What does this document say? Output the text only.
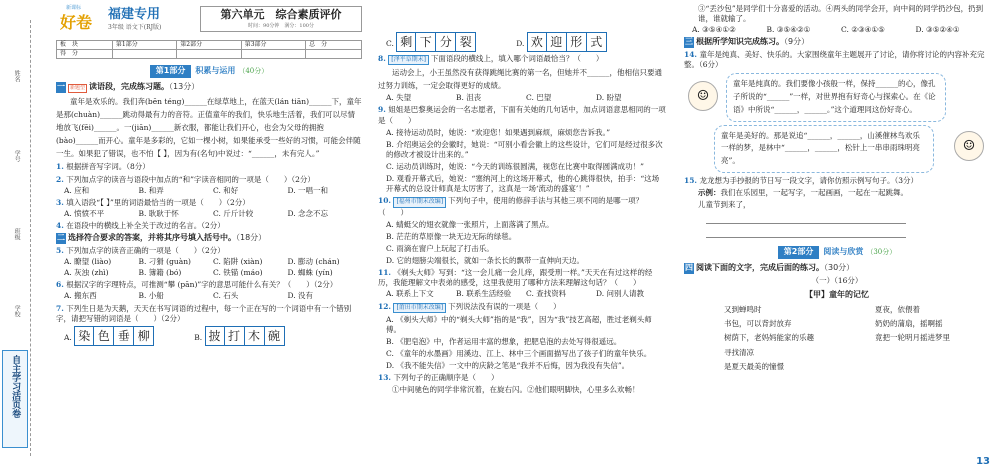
姓名
学号
班级
学校
自主学习活页卷
新课标
好卷 福建专用
3年级 语文下(RJ版)
第六单元　综合素质评价
时间：90分钟　满分：100分
板　块	第1部分	第2部分	第3部分	总　分
得　分				
第1部分 积累与运用 （40分）
一 新题型 读语段，完成练习题。（13分）
童年是欢乐的。我们奔(bēn téng)______在绿草地上，在蓝天(lán tiān)______下，童年是那(chuàn)______跳动得最有力的音符。正值童年的我们，快乐地生活着，我们可以尽情地放飞(fēi)______。一(jiān)______新衣服，都能让我们开心，也会为父母的拥抱(bào)______而开心。童年是多彩的，它如一棵小树，如果能承受一些好的习惯，可能会伴随一生。如果犯了错误，也不怕【 】，因为有(名句)中说过：“______，未有完人。”
1. 根据拼音写字词。（8分）
2. 下列加点字的读音与语段中加点的“和”字读音相同的一项是（　　）（2分）
A. 应和	B. 和弄	C. 和好	D. 一唱一和
3. 填入语段“【 】”里的词语最恰当的一项是（　　）（2分）
A. 愤愤不平	B. 耿耿于怀	C. 斤斤计较	D. 念念不忘
4. 在语段中的横线上补全关于改过的名言。（2分）
二 选择符合要求的答案，并将其序号填入括号中。（18分）
5. 下列加点字的读音正确的一项是（　　）（2分）
A. 瞭望 (liào)	B. 刁猾 (guàn)	C. 陷阱 (xiàn)	D. 膨动 (chán)
A. 灰浊 (zhì)	B. 簿籍 (bó)	C. 铁锚 (máo)	D. 蜘蛛 (yín)
6. 根据汉字的字理特点，可推测“攀 (pān)”字的意思可能什么有关？（　　）（2分）
A. 搬东西	B. 小船	C. 石头	D. 没有
7. 下列生日是为天鹅，天天在书写词语的过程中，每一个正在写的一个词语中有一个错别字，请把写错的词语是（　　）（2分）
A. 染 色 垂 柳	B. 披 打 木 碗
C. 剩 下 分 裂	D. 欢 迎 形 式
8. [泽平阜期末] 下面语段的横线上，填入哪个词语最恰当？（　　）
运动会上，小王虽然没有获得跳绳比赛的第一名，但她并不______，他相信只要通过努力训练，一定会取得更好的成绩。
A. 失望	B. 沮丧	C. 巴望	D. 盼望
9. 姐姐是巴黎奥运会的一名志愿者，下面有关她的几句话中，加点词语意思相同的一项是（　　）
A. 接待运动员时，她说：“欢迎您！如果遇到麻烦，麻烦您告诉我。”
B. 介绍奥运会的会徽时，她说：“可别小看会徽上的这些设计，它们可是经过很多次的修改才被设计出来的。”
C. 运动员训练时，她说：“今天的训练很圆满，视您在比赛中取得圆满成功！”
D. 观看开幕式后，她说：“塞纳河上的这场开幕式，他的心跳得很快，拍手：“这场开幕式的总设计师真是太厉害了，这真是一场‘流动的盛宴’！”
10. [福州市期末改编] 下列句子中，使用的修辞手法与其他三项不同的是哪一项？（　　）
A. 蜻蜓父的翅衣就像一张照片，上面落满了黑点。
B. 茫茫的草原像一块无边无际的绿毯。
C. 雨滴在窗户上玩起了打击乐。
D. 它的翅膀尖端很长，就如一条长长的飘带一直伸向天边。
11. 《剃头大师》写到：“这一会儿痛一会儿痒，跟受刑一样。”天天在有过这样的经历，我能理解文中表弟的感受，这里我使用了哪种方法来理解这句话？（　　）
A. 联系上下文	B. 联系生活经验	C. 查找资料	D. 问别人请教
12. [莆田市期末改编] 下列说法没有误的一项是（　　）
A. 《剃头大师》中的“剃头大师”指的是“我”，因为“我”技艺高超，胜过老剃头师傅。
B. 《肥皂泡》中，作者运用丰富的想象，把肥皂泡的去处写得很遥远。
C. 《童年的水墨画》用溪边、江上、林中三个画面描写出了孩子们的童年快乐。
D. 《我不能失信》一文中的庆龄之笔是“我并不后悔，因为我没有失信”。
13. 下列句子的正确顺序是（　　）
①中间驰色的同学非常沉着，在旋右闪。②他们眼明脚快，心里多么欢畅！
③“丢沙包”是同学们十分喜爱的活动。④两头的同学会开，向中间的同学扔沙包，扔到谁，谁就输了。
A. ③⑤④①②	B. ③⑤④②①	C. ②③④①⑤	D. ③⑤②④①
三 根据所学知识完成练习。（9分）
14. 童年是纯真、美好、快乐的。大家围绕童年主题展开了讨论，请你将讨论的内容补充完整。（6分）
☺
童年是纯真的。我们要像小孩般一样，保持______的心，像孔子所说的“______”一样，对世界抱有好奇心与探索心。在《论语》中所说“______，______。”这个道理同这份好奇心。
童年是美好的。那是说追“______，______，山溪催林鸟欢乐一样的梦，是林中“______，______，松针上一串串雨珠明亮亮”。
☺
15. 龙龙想为手抄报的节日写一段文字，请你仿照示例写句子。（3分）
示例：我们在乐园里，一起写字，一起画画，一起在一起跳舞。
儿童节到来了，
第2部分 阅读与欣赏 （30分）
四 阅读下面的文字，完成后面的练习。（30分）
（一）（16分）
【甲】童年的记忆
又到蝉鸣时
书包，可以背封放弃
树荫下，老妈妈能家的乐趣
寻找清凉
是夏天最美的憧憬
夏夜，依偎着
奶奶的蒲扇，摇啊摇
竟把一轮明月摇进梦里
13
